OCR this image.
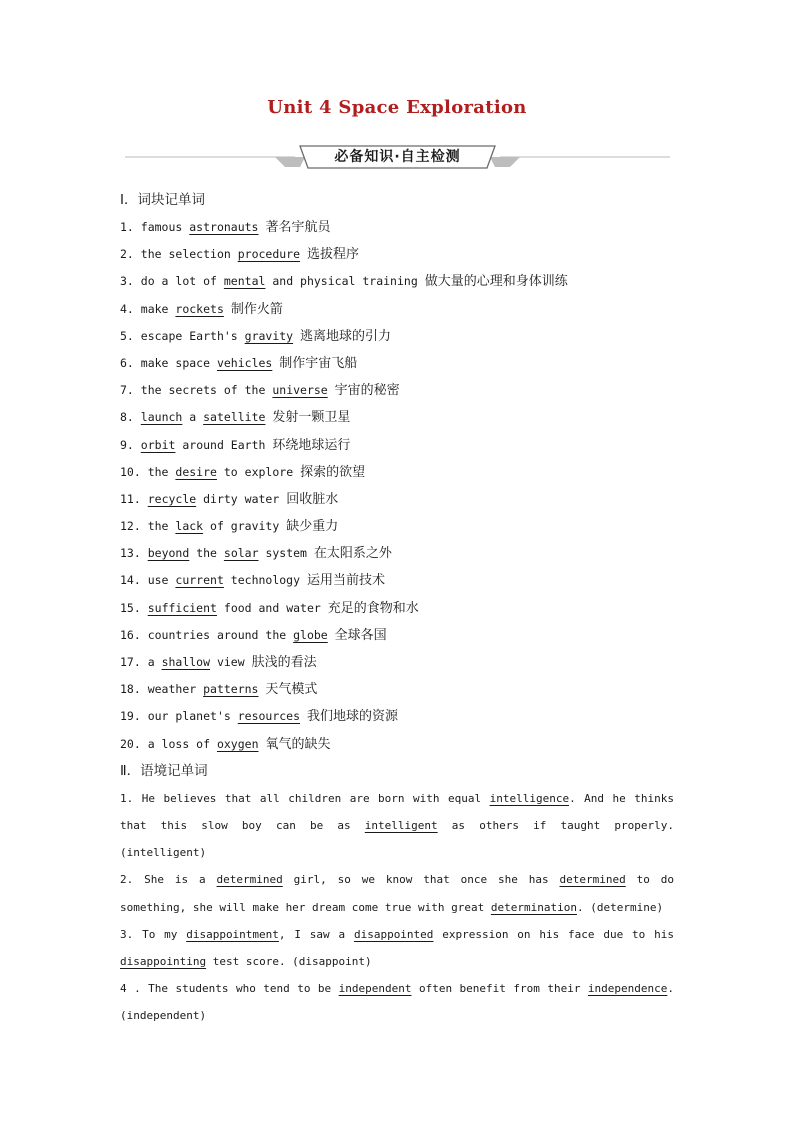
Unit 4 Space Exploration
必备知识·自主检测
Ⅰ．词块记单词
1. famous astronauts 著名宇航员
2. the selection procedure 选拔程序
3. do a lot of mental and physical training 做大量的心理和身体训练
4. make rockets 制作火箭
5. escape Earth's gravity 逃离地球的引力
6. make space vehicles 制作宇宙飞船
7. the secrets of the universe 宇宙的秘密
8. launch a satellite 发射一颗卫星
9. orbit around Earth 环绕地球运行
10. the desire to explore 探索的欲望
11. recycle dirty water 回收脏水
12. the lack of gravity 缺少重力
13. beyond the solar system 在太阳系之外
14. use current technology 运用当前技术
15. sufficient food and water 充足的食物和水
16. countries around the globe 全球各国
17. a shallow view 肤浅的看法
18. weather patterns 天气模式
19. our planet's resources 我们地球的资源
20. a loss of oxygen 氧气的缺失
Ⅱ．语境记单词
1. He believes that all children are born with equal intelligence. And he thinks that this slow boy can be as intelligent as others if taught properly. (intelligent)
2. She is a determined girl, so we know that once she has determined to do something, she will make her dream come true with great determination. (determine)
3. To my disappointment, I saw a disappointed expression on his face due to his disappointing test score. (disappoint)
4 . The students who tend to be independent often benefit from their independence. (independent)
